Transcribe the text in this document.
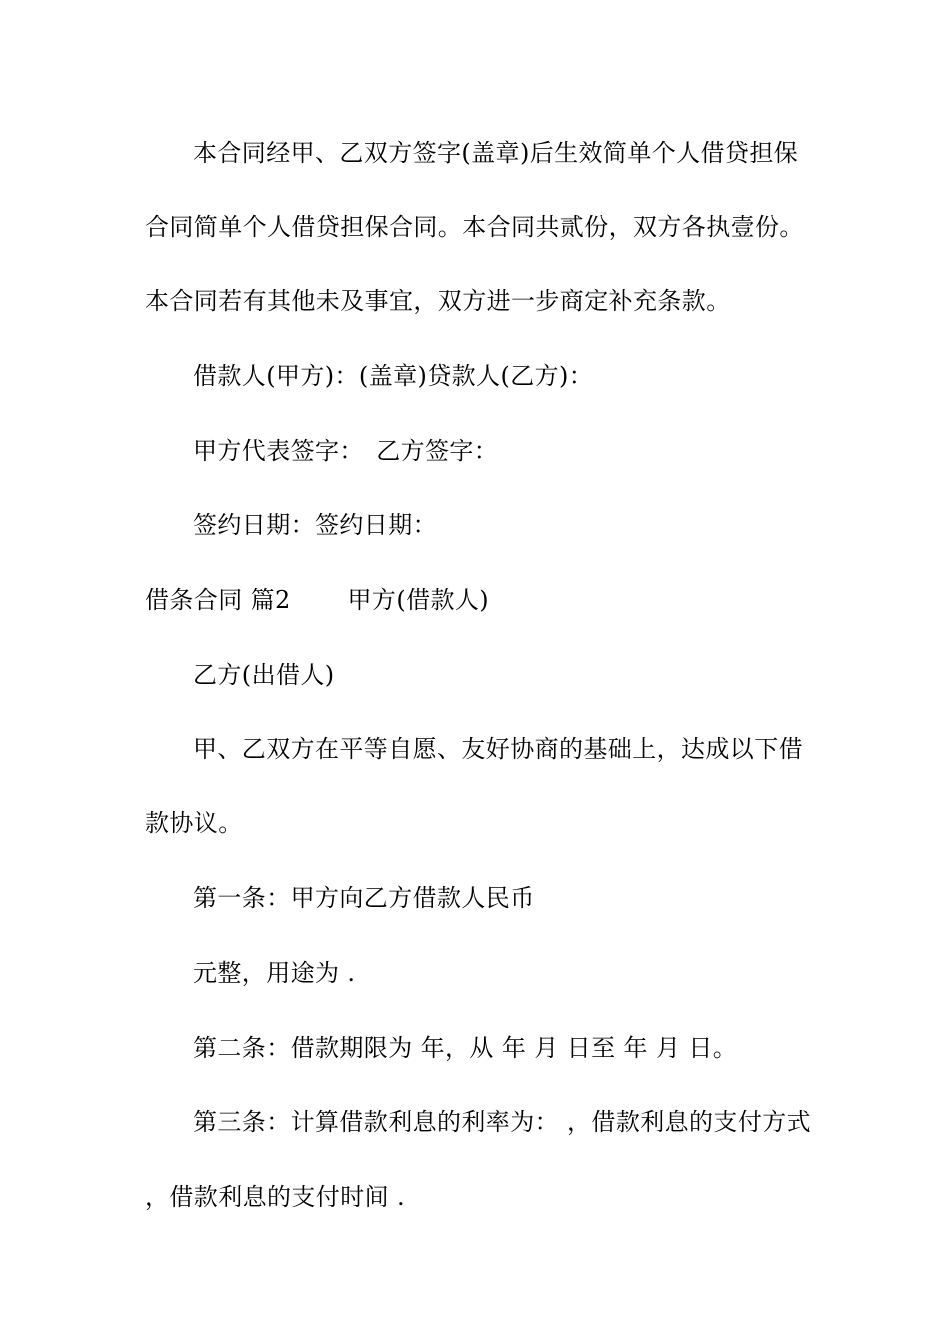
本合同经甲、乙双方签字(盖章)后生效简单个人借贷担保
合同简单个人借贷担保合同。本合同共贰份，双方各执壹份。
本合同若有其他未及事宜，双方进一步商定补充条款。
借款人(甲方)：(盖章)贷款人(乙方)：
甲方代表签字：　乙方签字：
签约日期：签约日期：
借条合同 篇2　　 甲方(借款人)
乙方(出借人)
甲、乙双方在平等自愿、友好协商的基础上，达成以下借
款协议。
第一条：甲方向乙方借款人民币
元整，用途为 .
第二条：借款期限为 年，从 年 月 日至 年 月 日。
第三条：计算借款利息的利率为： ，借款利息的支付方式
，借款利息的支付时间 .
